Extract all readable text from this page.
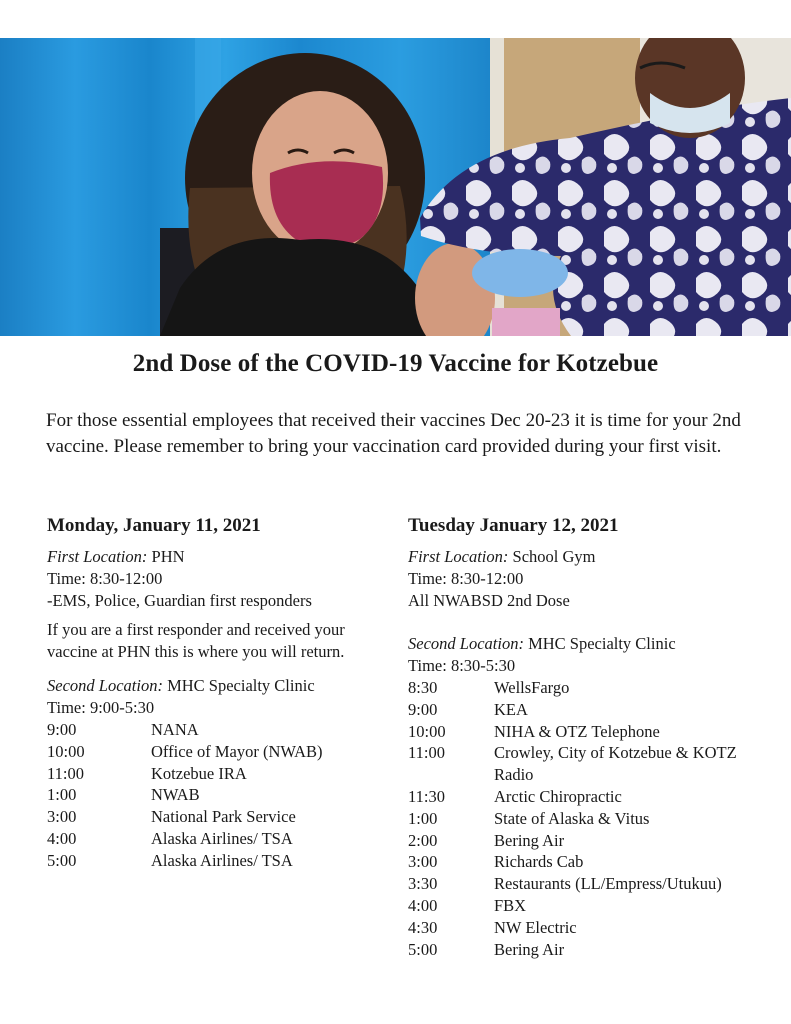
2nd Dose of the COVID-19 Vaccine for Kotzebue
For those essential employees that received their vaccines Dec 20-23 it is time for your 2nd vaccine. Please remember to bring your vaccination card provided during your first visit.
Monday, January 11, 2021
First Location: PHN
Time: 8:30-12:00
-EMS, Police, Guardian first responders
If you are a first responder and received your vaccine at PHN this is where you will return.
Second Location: MHC Specialty Clinic
Time: 9:00-5:30
9:00	NANA
10:00	Office of Mayor (NWAB)
11:00	Kotzebue IRA
1:00	NWAB
3:00	National Park Service
4:00	Alaska Airlines/ TSA
5:00	Alaska Airlines/ TSA
Tuesday January 12, 2021
First Location: School Gym
Time: 8:30-12:00
All NWABSD 2nd Dose
Second Location: MHC Specialty Clinic
Time: 8:30-5:30
8:30	WellsFargo
9:00	KEA
10:00	NIHA & OTZ Telephone
11:00	Crowley, City of Kotzebue & KOTZ Radio
11:30	Arctic Chiropractic
1:00	State of Alaska & Vitus
2:00	Bering Air
3:00	Richards Cab
3:30	Restaurants (LL/Empress/Utukuu)
4:00	FBX
4:30	NW Electric
5:00	Bering Air
